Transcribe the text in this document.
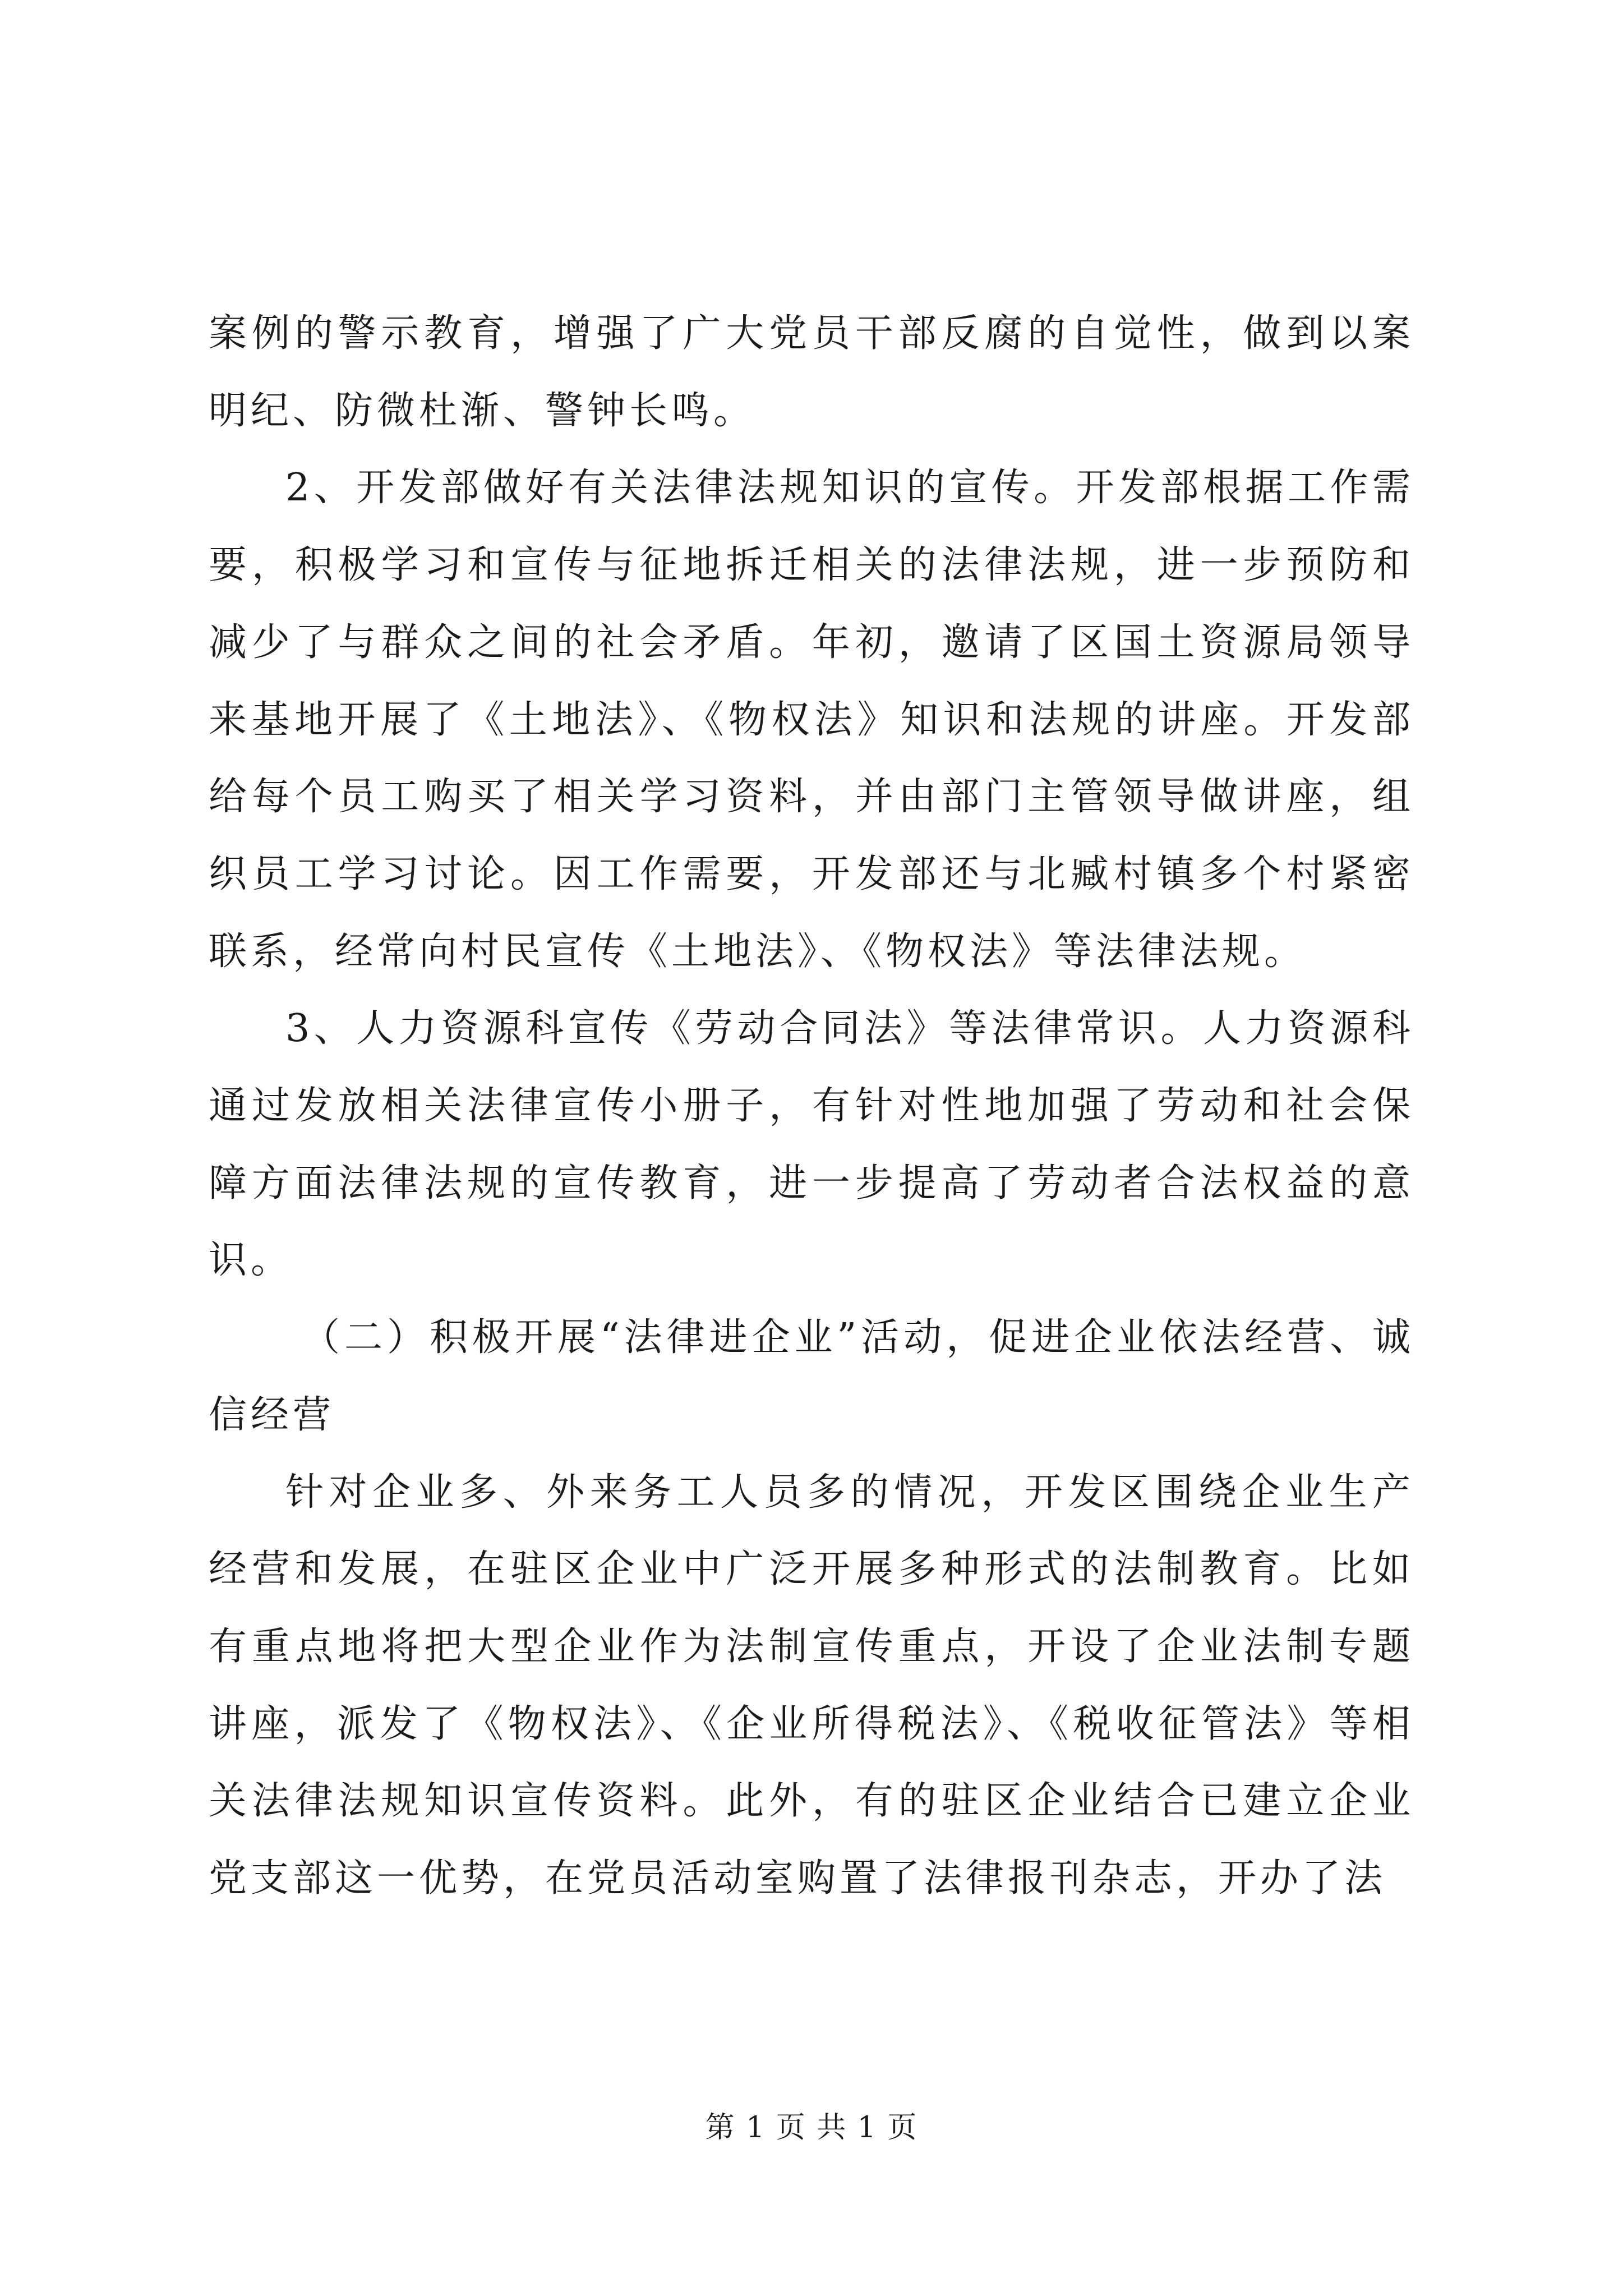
案例的警示教育，增强了广大党员干部反腐的自觉性，做到以案明纪、防微杜渐、警钟长鸣。

2、开发部做好有关法律法规知识的宣传。开发部根据工作需要，积极学习和宣传与征地拆迁相关的法律法规，进一步预防和减少了与群众之间的社会矛盾。年初，邀请了区国土资源局领导来基地开展了《土地法》、《物权法》知识和法规的讲座。开发部给每个员工购买了相关学习资料，并由部门主管领导做讲座，组织员工学习讨论。因工作需要，开发部还与北臧村镇多个村紧密联系，经常向村民宣传《土地法》、《物权法》等法律法规。

3、人力资源科宣传《劳动合同法》等法律常识。人力资源科通过发放相关法律宣传小册子，有针对性地加强了劳动和社会保障方面法律法规的宣传教育，进一步提高了劳动者合法权益的意识。

（二）积极开展“法律进企业”活动，促进企业依法经营、诚信经营

针对企业多、外来务工人员多的情况，开发区围绕企业生产经营和发展，在驻区企业中广泛开展多种形式的法制教育。比如有重点地将把大型企业作为法制宣传重点，开设了企业法制专题讲座，派发了《物权法》、《企业所得税法》、《税收征管法》等相关法律法规知识宣传资料。此外，有的驻区企业结合已建立企业党支部这一优势，在党员活动室购置了法律报刊杂志，开办了法

第 1 页 共 1 页
